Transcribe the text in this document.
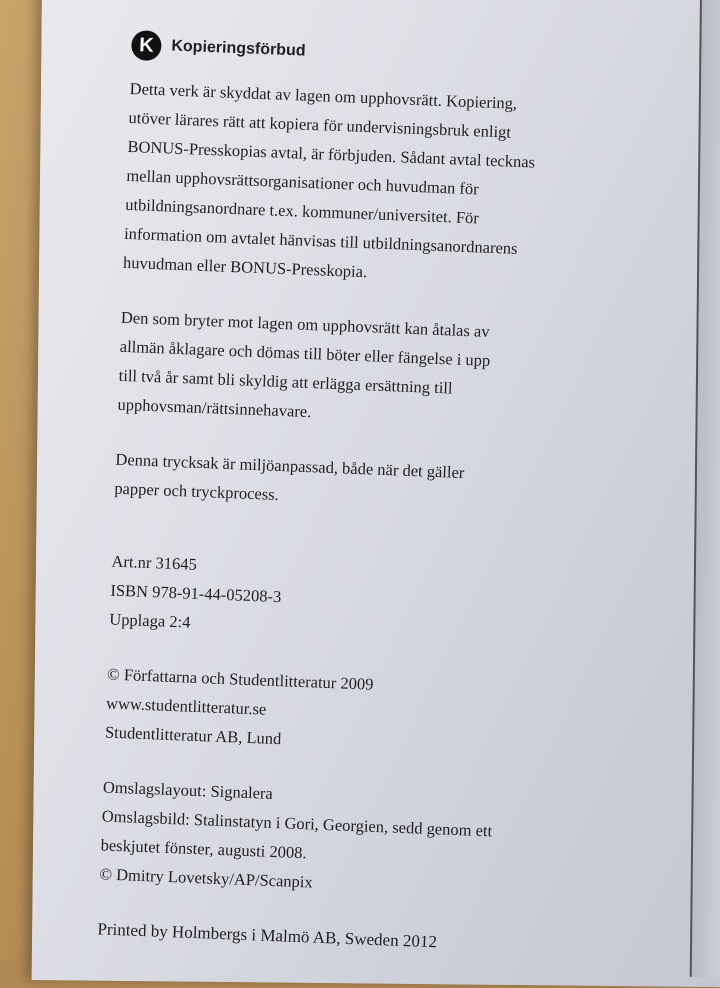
K	Kopieringsförbud

Detta verk är skyddat av lagen om upphovsrätt. Kopiering,
utöver lärares rätt att kopiera för undervisningsbruk enligt
BONUS-Presskopias avtal, är förbjuden. Sådant avtal tecknas
mellan upphovsrättsorganisationer och huvudman för
utbildningsanordnare t.ex. kommuner/universitet. För
information om avtalet hänvisas till utbildningsanordnarens
huvudman eller BONUS-Presskopia.

Den som bryter mot lagen om upphovsrätt kan åtalas av
allmän åklagare och dömas till böter eller fängelse i upp
till två år samt bli skyldig att erlägga ersättning till
upphovsman/rättsinnehavare.

Denna trycksak är miljöanpassad, både när det gäller
papper och tryckprocess.

Art.nr 31645
ISBN 978-91-44-05208-3
Upplaga 2:4

© Författarna och Studentlitteratur 2009
www.studentlitteratur.se
Studentlitteratur AB, Lund

Omslagslayout: Signalera
Omslagsbild: Stalinstatyn i Gori, Georgien, sedd genom ett
beskjutet fönster, augusti 2008.
© Dmitry Lovetsky/AP/Scanpix

Printed by Holmbergs i Malmö AB, Sweden 2012
